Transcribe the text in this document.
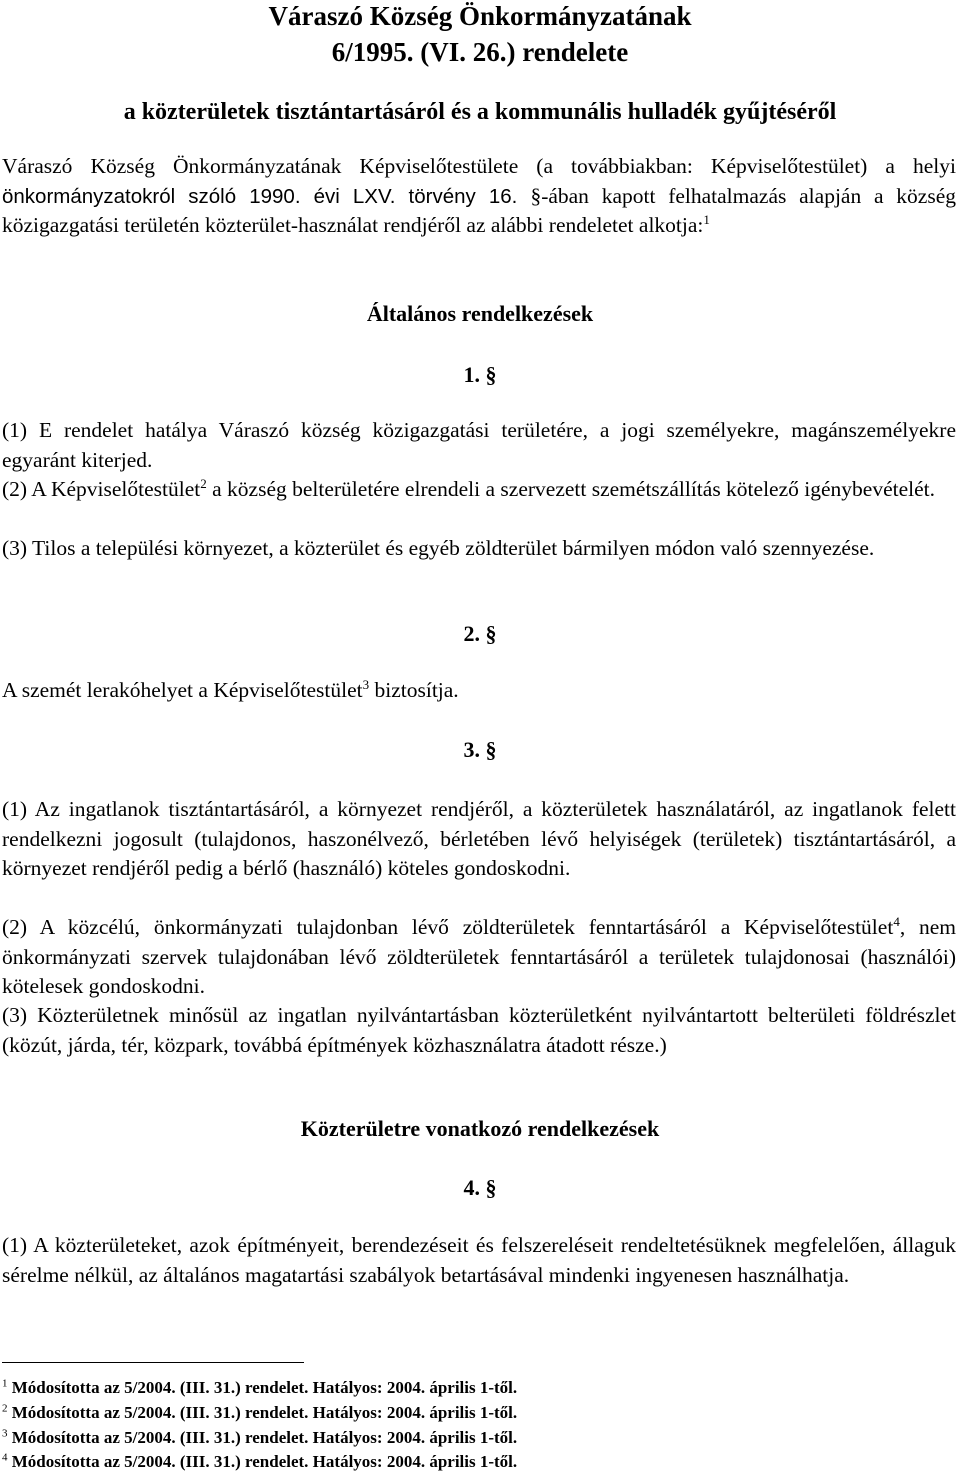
Váraszó Község Önkormányzatának
6/1995. (VI. 26.) rendelete
a közterületek tisztántartásáról és a kommunális hulladék gyűjtéséről

Váraszó Község Önkormányzatának Képviselőtestülete (a továbbiakban: Képviselőtestület) a helyi önkormányzatokról szóló 1990. évi LXV. törvény 16. §-ában kapott felhatalmazás alapján a község közigazgatási területén közterület-használat rendjéről az alábbi rendeletet alkotja:$^1$

Általános rendelkezések
1. §

(1) E rendelet hatálya Váraszó község közigazgatási területére, a jogi személyekre, magánszemélyekre egyaránt kiterjed.

(2) A Képviselőtestület$^2$ a község belterületére elrendeli a szervezett szemétszállítás kötelező igénybevételét.

(3) Tilos a települési környezet, a közterület és egyéb zöldterület bármilyen módon való szennyezése.

2. §

A szemét lerakóhelyet a Képviselőtestület$^3$ biztosítja.

3. §

(1) Az ingatlanok tisztántartásáról, a környezet rendjéről, a közterületek használatáról, az ingatlanok felett rendelkezni jogosult (tulajdonos, haszonélvező, bérletében lévő helyiségek (területek) tisztántartásáról, a környezet rendjéről pedig a bérlő (használó) köteles gondoskodni.

(2) A közcélú, önkormányzati tulajdonban lévő zöldterületek fenntartásáról a Képviselőtestület$^4$, nem önkormányzati szervek tulajdonában lévő zöldterületek fenntartásáról a területek tulajdonosai (használói) kötelesek gondoskodni.

(3) Közterületnek minősül az ingatlan nyilvántartásban közterületként nyilvántartott belterületi földrészlet (közút, járda, tér, közpark, továbbá építmények közhasználatra átadott része.)

Közterületre vonatkozó rendelkezések
4. §

(1) A közterületeket, azok építményeit, berendezéseit és felszereléseit rendeltetésüknek megfelelően, állaguk sérelme nélkül, az általános magatartási szabályok betartásával mindenki ingyenesen használhatja.

$^1$ Módosította az 5/2004. (III. 31.) rendelet. Hatályos: 2004. április 1-től.

$^2$ Módosította az 5/2004. (III. 31.) rendelet. Hatályos: 2004. április 1-től.

$^3$ Módosította az 5/2004. (III. 31.) rendelet. Hatályos: 2004. április 1-től.

$^4$ Módosította az 5/2004. (III. 31.) rendelet. Hatályos: 2004. április 1-től.
